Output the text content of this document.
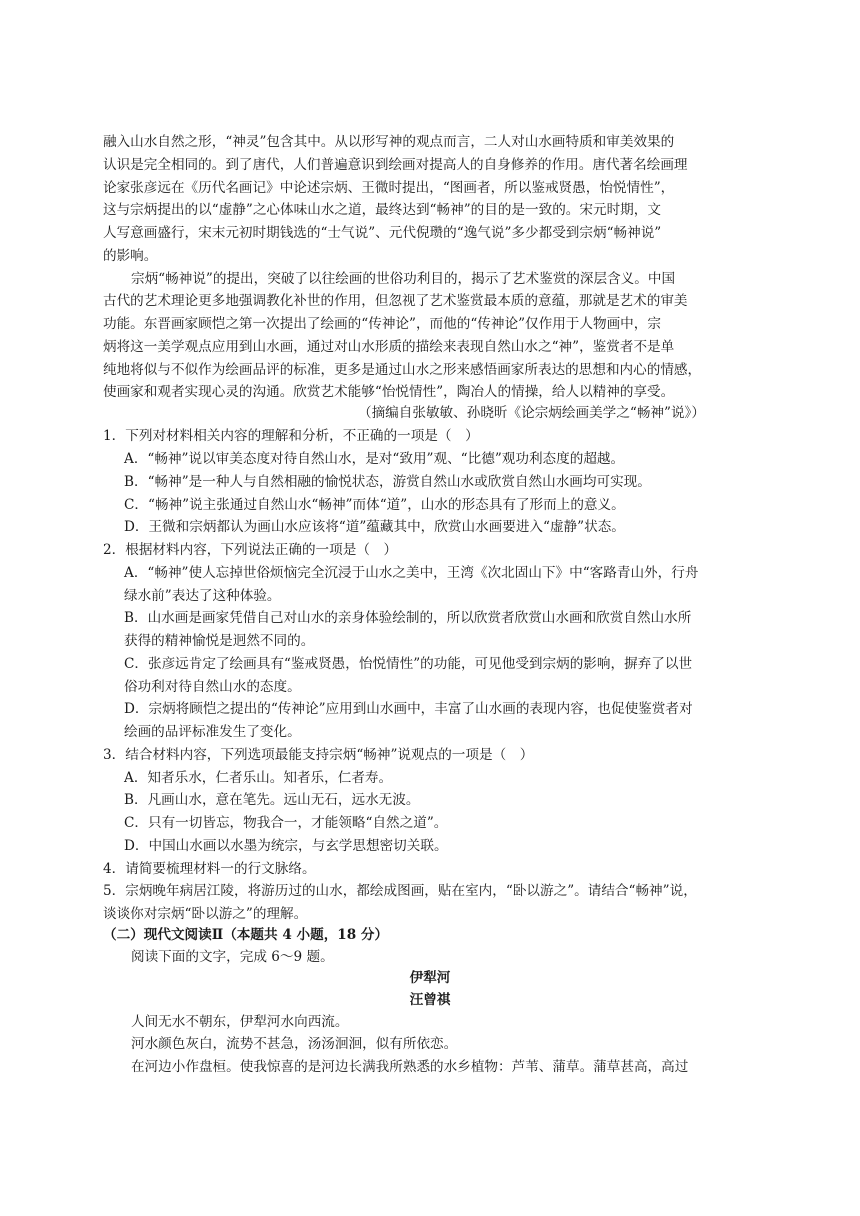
融入山水自然之形，“神灵”包含其中。从以形写神的观点而言，二人对山水画特质和审美效果的
认识是完全相同的。到了唐代，人们普遍意识到绘画对提高人的自身修养的作用。唐代著名绘画理
论家张彦远在《历代名画记》中论述宗炳、王微时提出，“图画者，所以鉴戒贤愚，怡悦情性”，
这与宗炳提出的以“虚静”之心体味山水之道，最终达到“畅神”的目的是一致的。宋元时期，文
人写意画盛行，宋末元初时期钱选的“士气说”、元代倪瓒的“逸气说”多少都受到宗炳“畅神说”
的影响。
宗炳“畅神说”的提出，突破了以往绘画的世俗功利目的，揭示了艺术鉴赏的深层含义。中国
古代的艺术理论更多地强调教化补世的作用，但忽视了艺术鉴赏最本质的意蕴，那就是艺术的审美
功能。东晋画家顾恺之第一次提出了绘画的“传神论”，而他的“传神论”仅作用于人物画中，宗
炳将这一美学观点应用到山水画，通过对山水形质的描绘来表现自然山水之“神”，鉴赏者不是单
纯地将似与不似作为绘画品评的标准，更多是通过山水之形来感悟画家所表达的思想和内心的情感，
使画家和观者实现心灵的沟通。欣赏艺术能够“怡悦情性”，陶冶人的情操，给人以精神的享受。
（摘编自张敏敏、孙晓昕《论宗炳绘画美学之“畅神”说》）
1．下列对材料相关内容的理解和分析，不正确的一项是（　）
A．“畅神”说以审美态度对待自然山水，是对“致用”观、“比德”观功利态度的超越。
B．“畅神”是一种人与自然相融的愉悦状态，游赏自然山水或欣赏自然山水画均可实现。
C．“畅神”说主张通过自然山水“畅神”而体“道”，山水的形态具有了形而上的意义。
D．王微和宗炳都认为画山水应该将“道”蕴藏其中，欣赏山水画要进入“虚静”状态。
2．根据材料内容，下列说法正确的一项是（　）
A．“畅神”使人忘掉世俗烦恼完全沉浸于山水之美中，王湾《次北固山下》中“客路青山外，行舟
绿水前”表达了这种体验。
B．山水画是画家凭借自己对山水的亲身体验绘制的，所以欣赏者欣赏山水画和欣赏自然山水所
获得的精神愉悦是迥然不同的。
C．张彦远肯定了绘画具有“鉴戒贤愚，怡悦情性”的功能，可见他受到宗炳的影响，摒弃了以世
俗功利对待自然山水的态度。
D．宗炳将顾恺之提出的“传神论”应用到山水画中，丰富了山水画的表现内容，也促使鉴赏者对
绘画的品评标准发生了变化。
3．结合材料内容，下列选项最能支持宗炳“畅神”说观点的一项是（　）
A．知者乐水，仁者乐山。知者乐，仁者寿。
B．凡画山水，意在笔先。远山无石，远水无波。
C．只有一切皆忘，物我合一，才能领略“自然之道”。
D．中国山水画以水墨为统宗，与玄学思想密切关联。
4．请简要梳理材料一的行文脉络。
5．宗炳晚年病居江陵，将游历过的山水，都绘成图画，贴在室内，“卧以游之”。请结合“畅神”说，
谈谈你对宗炳“卧以游之”的理解。
（二）现代文阅读Ⅱ（本题共 4 小题，18 分）
阅读下面的文字，完成 6～9 题。
伊犁河
汪曾祺
人间无水不朝东，伊犁河水向西流。
河水颜色灰白，流势不甚急，汤汤洄洄，似有所依恋。
在河边小作盘桓。使我惊喜的是河边长满我所熟悉的水乡植物：芦苇、蒲草。蒲草甚高，高过
